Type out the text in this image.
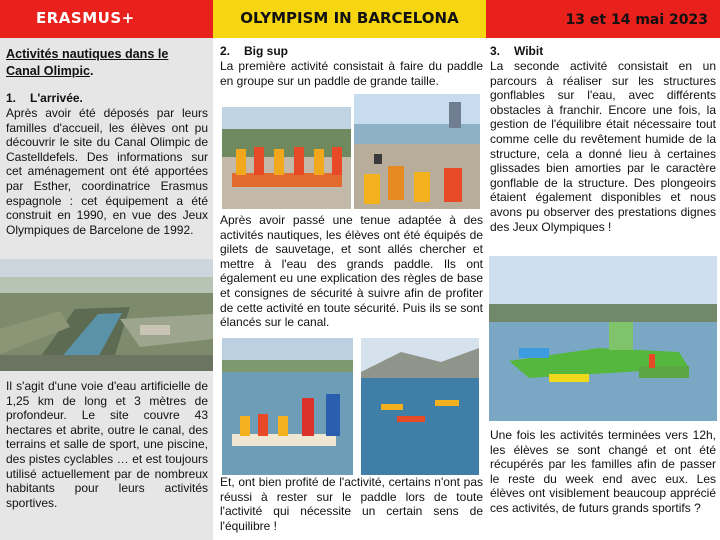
ERASMUS+	OLYMPISM IN BARCELONA	13 et 14 mai 2023
Activités nautiques dans le Canal Olimpic.
1. L'arrivée.
Après avoir été déposés par leurs familles d'accueil, les élèves ont pu découvrir le site du Canal Olimpic de Castelldefels. Des informations sur cet aménagement ont été apportées par Esther, coordinatrice Erasmus espagnole : cet équipement a été construit en 1990, en vue des Jeux Olympiques de Barcelone de 1992.
Il s'agit d'une voie d'eau artificielle de 1,25 km de long et 3 mètres de profondeur. Le site couvre 43 hectares et abrite, outre le canal, des terrains et salle de sport, une piscine, des pistes cyclables … et est toujours utilisé actuellement par de nombreux habitants pour leurs activités sportives.
2. Big sup
La première activité consistait à faire du paddle en groupe sur un paddle de grande taille.
Après avoir passé une tenue adaptée à des activités nautiques, les élèves ont été équipés de gilets de sauvetage, et sont allés chercher et mettre à l'eau des grands paddle. Ils ont également eu une explication des règles de base et consignes de sécurité à suivre afin de profiter de cette activité en toute sécurité. Puis ils se sont élancés sur le canal.
Et, ont bien profité de l'activité, certains n'ont pas réussi à rester sur le paddle lors de toute l'activité qui nécessite un certain sens de l'équilibre !
3. Wibit
La seconde activité consistait en un parcours à réaliser sur les structures gonflables sur l'eau, avec différents obstacles à franchir. Encore une fois, la gestion de l'équilibre était nécessaire tout comme celle du revêtement humide de la structure, cela a donné lieu à certaines glissades bien amorties par le caractère gonflable de la structure. Des plongeoirs étaient également disponibles et nous avons pu observer des prestations dignes des Jeux Olympiques !
Une fois les activités terminées vers 12h, les élèves se sont changé et ont été récupérés par les familles afin de passer le reste du week end avec eux. Les élèves ont visiblement beaucoup apprécié ces activités, de futurs grands sportifs ?
